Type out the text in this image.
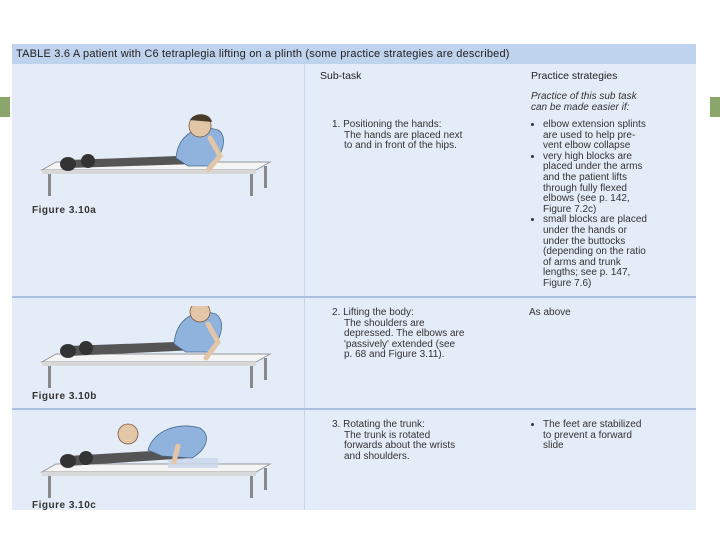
TABLE 3.6 A patient with C6 tetraplegia lifting on a plinth (some practice strategies are described)
Sub-task	Practice strategies
Practice of this sub task
can be made easier if:
Figure 3.10a
1. Positioning the hands:
The hands are placed next
to and in front of the hips.
• elbow extension splints
are used to help pre-
vent elbow collapse
• very high blocks are
placed under the arms
and the patient lifts
through fully flexed
elbows (see p. 142,
Figure 7.2c)
• small blocks are placed
under the hands or
under the buttocks
(depending on the ratio
of arms and trunk
lengths; see p. 147,
Figure 7.6)
Figure 3.10b
2. Lifting the body:
The shoulders are
depressed. The elbows are
'passively' extended (see
p. 68 and Figure 3.11).
As above
Figure 3.10c
3. Rotating the trunk:
The trunk is rotated
forwards about the wrists
and shoulders.
• The feet are stabilized
to prevent a forward
slide
